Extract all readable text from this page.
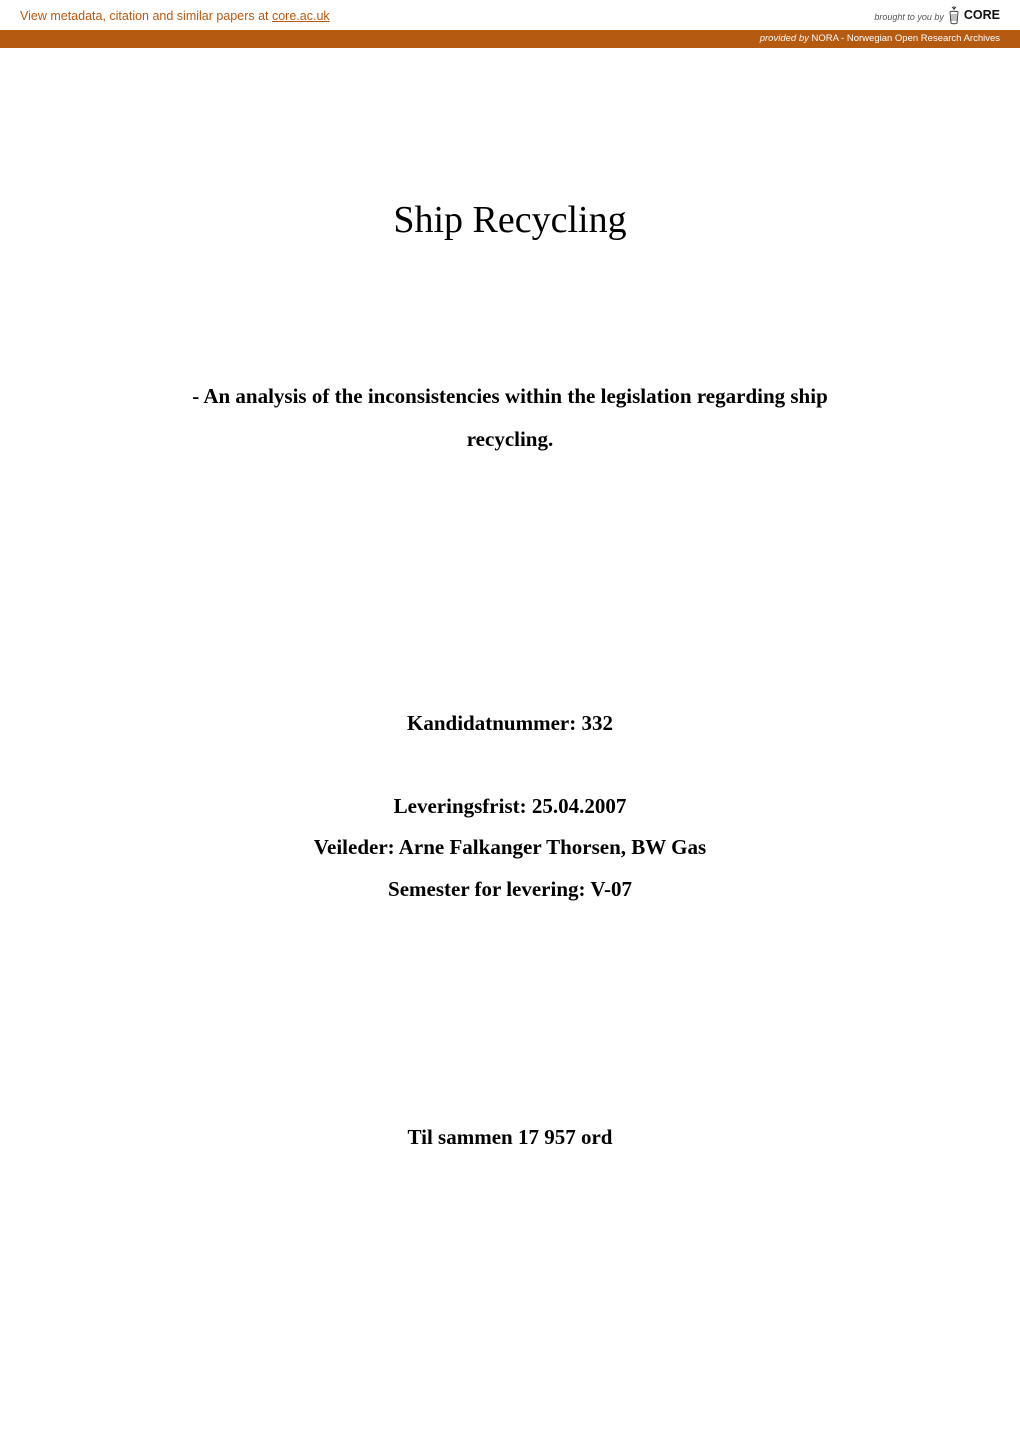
View metadata, citation and similar papers at core.ac.uk	brought to you by CORE
provided by NORA - Norwegian Open Research Archives
Ship Recycling
- An analysis of the inconsistencies within the legislation regarding ship recycling.
Kandidatnummer: 332
Leveringsfrist: 25.04.2007
Veileder: Arne Falkanger Thorsen, BW Gas
Semester for levering: V-07
Til sammen 17 957 ord
